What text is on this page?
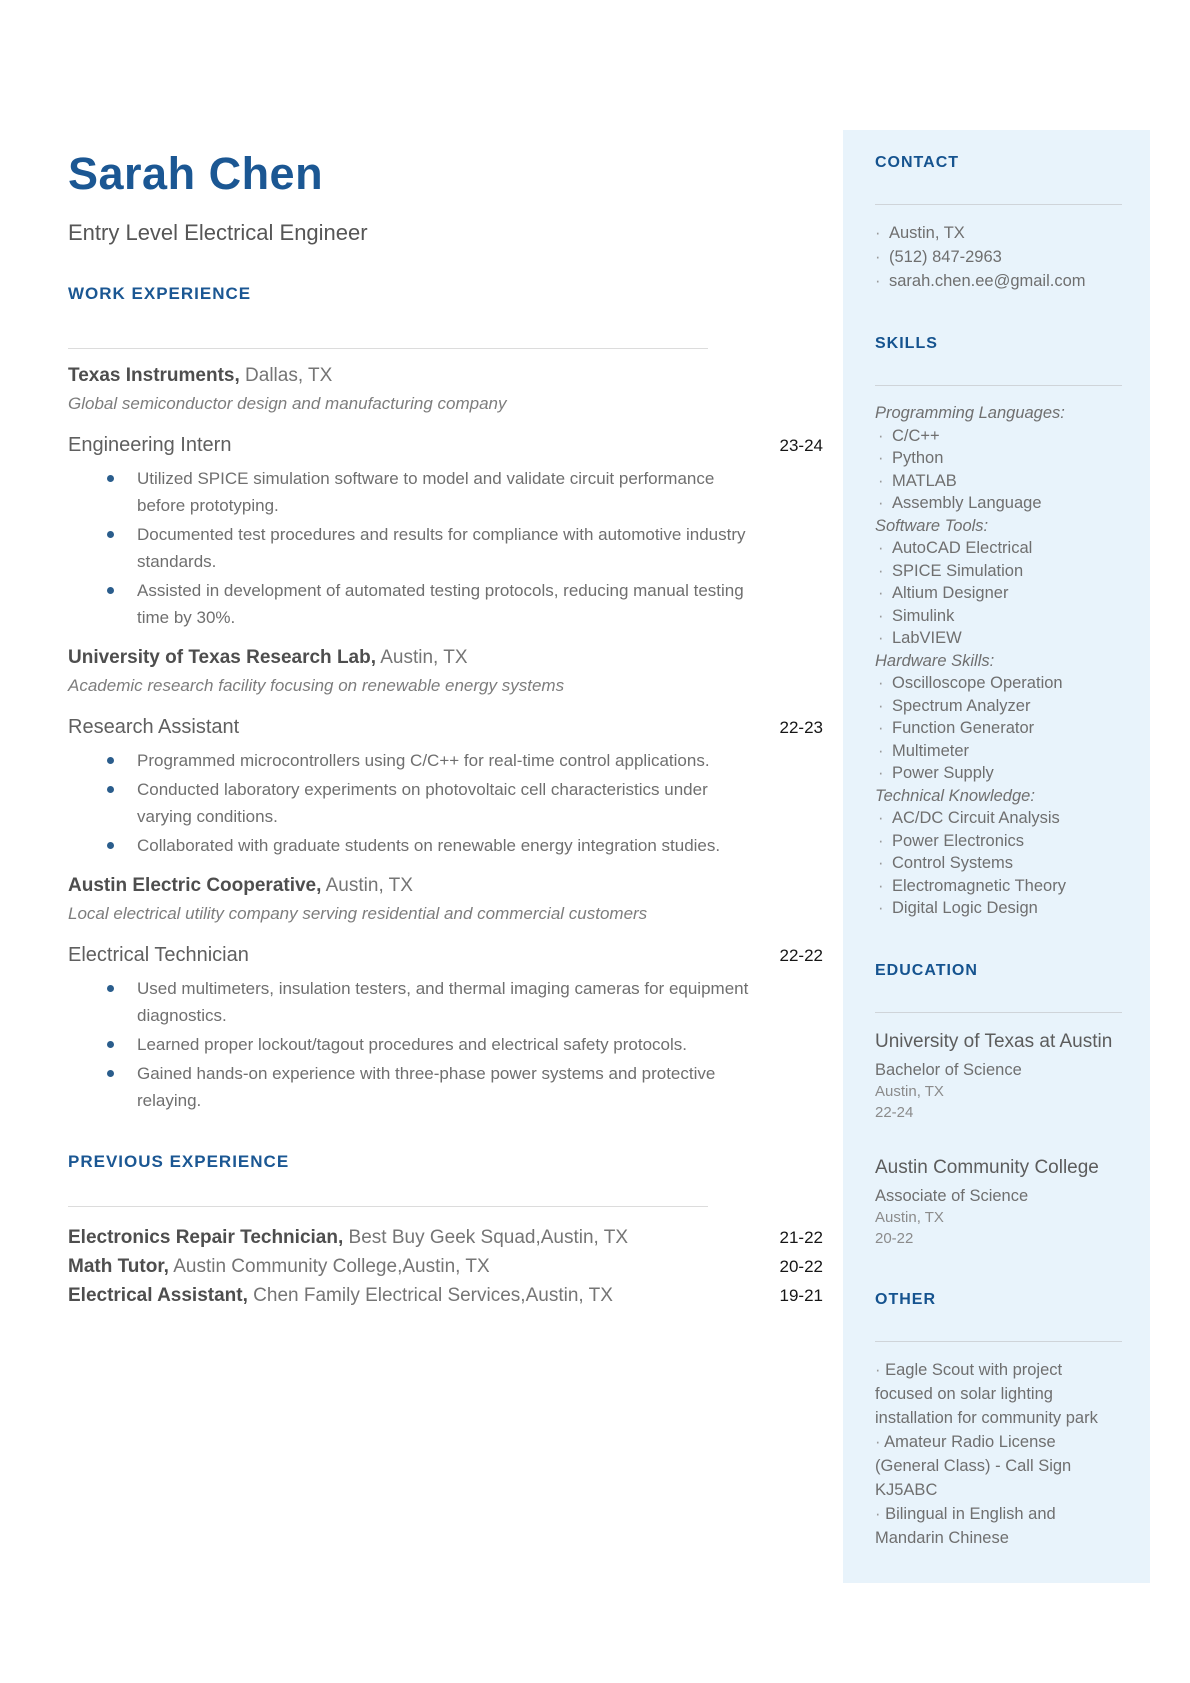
Sarah Chen
Entry Level Electrical Engineer
WORK EXPERIENCE
Texas Instruments, Dallas, TX
Global semiconductor design and manufacturing company
Engineering Intern	23-24
Utilized SPICE simulation software to model and validate circuit performance before prototyping.
Documented test procedures and results for compliance with automotive industry standards.
Assisted in development of automated testing protocols, reducing manual testing time by 30%.
University of Texas Research Lab, Austin, TX
Academic research facility focusing on renewable energy systems
Research Assistant	22-23
Programmed microcontrollers using C/C++ for real-time control applications.
Conducted laboratory experiments on photovoltaic cell characteristics under varying conditions.
Collaborated with graduate students on renewable energy integration studies.
Austin Electric Cooperative, Austin, TX
Local electrical utility company serving residential and commercial customers
Electrical Technician	22-22
Used multimeters, insulation testers, and thermal imaging cameras for equipment diagnostics.
Learned proper lockout/tagout procedures and electrical safety protocols.
Gained hands-on experience with three-phase power systems and protective relaying.
PREVIOUS EXPERIENCE
Electronics Repair Technician, Best Buy Geek Squad,Austin, TX	21-22
Math Tutor, Austin Community College,Austin, TX	20-22
Electrical Assistant, Chen Family Electrical Services,Austin, TX	19-21
CONTACT
· Austin, TX
· (512) 847-2963
· sarah.chen.ee@gmail.com
SKILLS
Programming Languages:
· C/C++
· Python
· MATLAB
· Assembly Language
Software Tools:
· AutoCAD Electrical
· SPICE Simulation
· Altium Designer
· Simulink
· LabVIEW
Hardware Skills:
· Oscilloscope Operation
· Spectrum Analyzer
· Function Generator
· Multimeter
· Power Supply
Technical Knowledge:
· AC/DC Circuit Analysis
· Power Electronics
· Control Systems
· Electromagnetic Theory
· Digital Logic Design
EDUCATION
University of Texas at Austin
Bachelor of Science
Austin, TX
22-24
Austin Community College
Associate of Science
Austin, TX
20-22
OTHER
· Eagle Scout with project focused on solar lighting installation for community park
· Amateur Radio License (General Class) - Call Sign KJ5ABC
· Bilingual in English and Mandarin Chinese
